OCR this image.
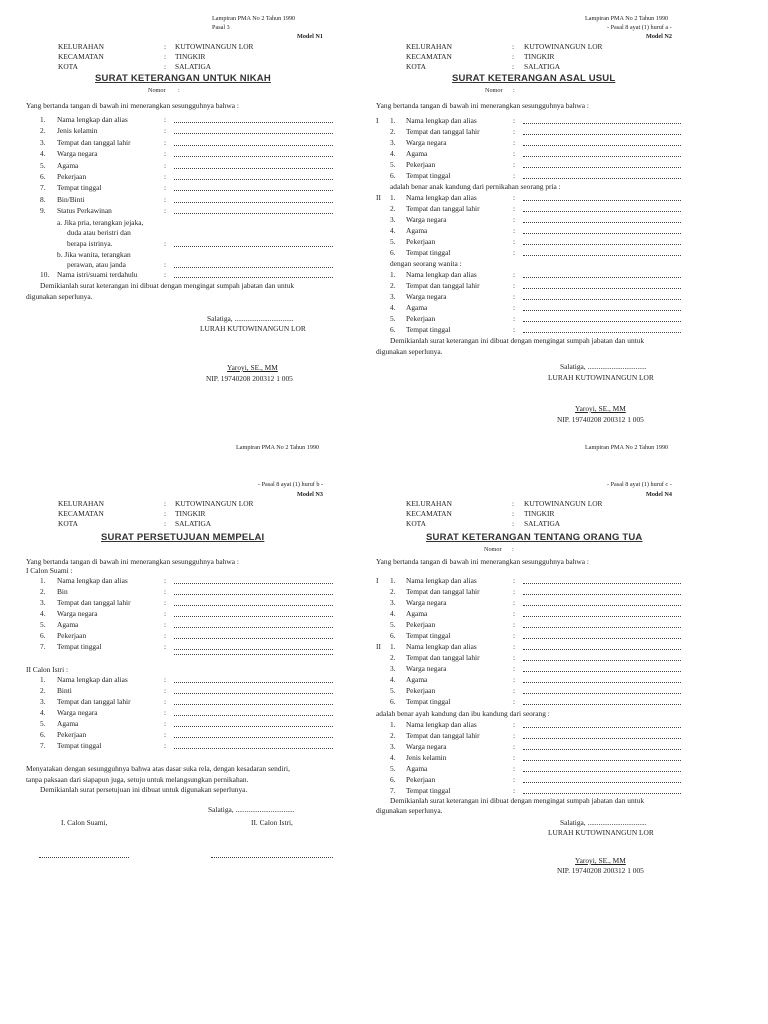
Lampiran PMA No 2 Tahun 1990
Pasal 3
Model N1
KELURAHAN	: KUTOWINANGUN LOR
KECAMATAN	: TINGKIR
KOTA	: SALATIGA
SURAT KETERANGAN UNTUK NIKAH
Nomor :
Yang bertanda tangan di bawah ini menerangkan sesungguhnya bahwa :
1. Nama lengkap dan alias	:
2. Jenis kelamin	:
3. Tempat dan tanggal lahir	:
4. Warga negara	:
5. Agama	:
6. Pekerjaan	:
7. Tempat tinggal	:
8. Bin/Binti	:
9. Status Perkawinan	:
a. Jika pria, terangkan jejaka,
duda atau beristri dan
berapa istrinya.	:
b. Jika wanita, terangkan
perawan, atau janda	:
10. Nama istri/suami terdahulu	:
Demikianlah surat keterangan ini dibuat dengan mengingat sumpah jabatan dan untuk
digunakan seperlunya.
Salatiga, ................................
LURAH KUTOWINANGUN LOR
Yaroyi, SE., MM
NIP. 19740208 200312 1 005
Lampiran PMA No 2 Tahun 1990
- Pasal 8 ayat (1) huruf a -
Model N2
KELURAHAN	: KUTOWINANGUN LOR
KECAMATAN	: TINGKIR
KOTA	: SALATIGA
SURAT KETERANGAN ASAL USUL
Nomor :
Yang bertanda tangan di bawah ini menerangkan sesungguhnya bahwa :
I 1. Nama lengkap dan alias	:
2. Tempat dan tanggal lahir	:
3. Warga negara	:
4. Agama	:
5. Pekerjaan	:
6. Tempat tinggal	:
adalah benar anak kandung dari pernikahan seorang pria :
II 1. Nama lengkap dan alias	:
2. Tempat dan tanggal lahir	:
3. Warga negara	:
4. Agama	:
5. Pekerjaan	:
6. Tempat tinggal	:
dengan seorang wanita :
1. Nama lengkap dan alias	:
2. Tempat dan tanggal lahir	:
3. Warga negara	:
4. Agama	:
5. Pekerjaan	:
6. Tempat tinggal	:
Demikianlah surat keterangan ini dibuat dengan mengingat sumpah jabatan dan untuk
digunakan seperlunya.
Salatiga, ................................
LURAH KUTOWINANGUN LOR
Yaroyi, SE., MM
NIP. 19740208 200312 1 005
Lampiran PMA No 2 Tahun 1990
- Pasal 8 ayat (1) huruf b -
Model N3
KELURAHAN	: KUTOWINANGUN LOR
KECAMATAN	: TINGKIR
KOTA	: SALATIGA
SURAT PERSETUJUAN MEMPELAI
Yang bertanda tangan di bawah ini menerangkan sesungguhnya bahwa :
I Calon Suami :
1. Nama lengkap dan alias	:
2. Bin	:
3. Tempat dan tanggal lahir	:
4. Warga negara	:
5. Agama	:
6. Pekerjaan	:
7. Tempat tinggal	:
II Calon Istri :
1. Nama lengkap dan alias	:
2. Binti	:
3. Tempat dan tanggal lahir	:
4. Warga negara	:
5. Agama	:
6. Pekerjaan	:
7. Tempat tinggal	:
Menyatakan dengan sesungguhnya bahwa atas dasar suka rela, dengan kesadaran sendiri,
tanpa paksaan dari siapapun juga, setuju untuk melangsungkan pernikahan.
Demikianlah surat persetujuan ini dibuat untuk digunakan seperlunya.
Salatiga, ................................
I. Calon Suami,	II. Calon Istri,
Lampiran PMA No 2 Tahun 1990
- Pasal 8 ayat (1) huruf c -
Model N4
KELURAHAN	: KUTOWINANGUN LOR
KECAMATAN	: TINGKIR
KOTA	: SALATIGA
SURAT KETERANGAN TENTANG ORANG TUA
Nomor :
Yang bertanda tangan di bawah ini menerangkan sesungguhnya bahwa :
I 1. Nama lengkap dan alias	:
2. Tempat dan tanggal lahir	:
3. Warga negara	:
4. Agama	:
5. Pekerjaan	:
6. Tempat tinggal	:
II 1. Nama lengkap dan alias	:
2. Tempat dan tanggal lahir	:
3. Warga negara	:
4. Agama	:
5. Pekerjaan	:
6. Tempat tinggal	:
adalah benar ayah kandung dan ibu kandung dari seorang :
1. Nama lengkap dan alias	:
2. Tempat dan tanggal lahir	:
3. Warga negara	:
4. Jenis kelamin	:
5. Agama	:
6. Pekerjaan	:
7. Tempat tinggal	:
Demikianlah surat keterangan ini dibuat dengan mengingat sumpah jabatan dan untuk
digunakan seperlunya.
Salatiga, ................................
LURAH KUTOWINANGUN LOR
Yaroyi, SE., MM
NIP. 19740208 200312 1 005
